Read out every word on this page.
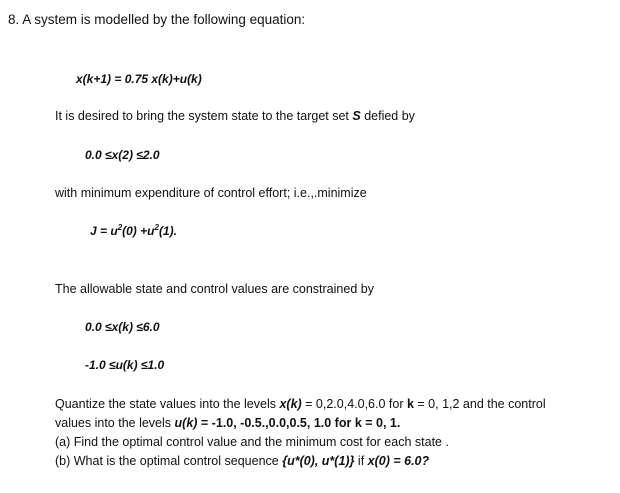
8. A system is modelled by the following equation:
x(k+1) = 0.75 x(k)+u(k)
It is desired to bring the system state to the target set S defied by
0.0 ≤x(2) ≤2.0
with minimum expenditure of control effort; i.e.,.minimize
$J = u^2(0) +u^2(1)$.
The allowable state and control values are constrained by
0.0 ≤x(k) ≤6.0
-1.0 ≤u(k) ≤1.0
Quantize the state values into the levels x(k) = 0,2.0,4.0,6.0 for k = 0, 1,2 and the control
values into the levels u(k) = -1.0, -0.5.,0.0,0.5, 1.0 for k = 0, 1.
(a) Find the optimal control value and the minimum cost for each state .
(b) What is the optimal control sequence {u*(0), u*(1)} if x(0) = 6.0?
